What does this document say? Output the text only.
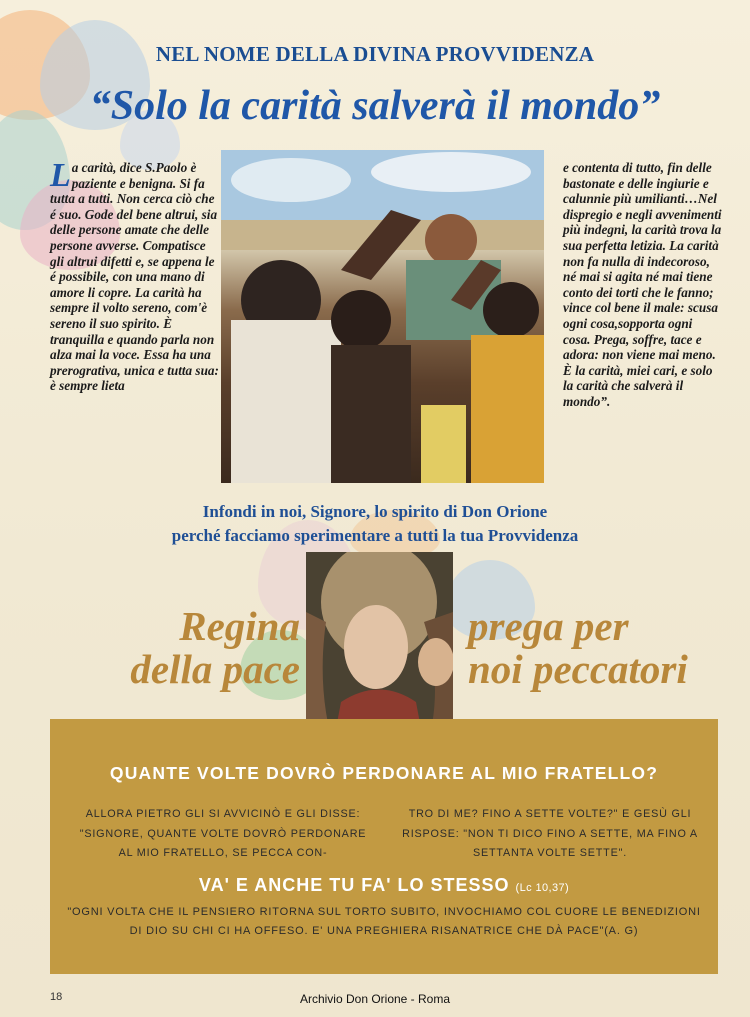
NEL NOME DELLA DIVINA PROVVIDENZA
“Solo la carità salverà il mondo”
La carità, dice S.Paolo è paziente e benigna. Si fa tutta a tutti. Non cerca ciò che é suo. Gode del bene altrui, sia delle persone amate che delle persone avverse. Compatisce gli altrui difetti e, se appena le é possibile, con una mano di amore li copre. La carità ha sempre il volto sereno, com'è sereno il suo spirito. È tranquilla e quando parla non alza mai la voce. Essa ha una prerogrativa, unica e tutta sua: è sempre lieta
e contenta di tutto, fin delle bastonate e delle ingiurie e calunnie più umilianti…Nel dispregio e negli avvenimenti più indegni, la carità trova la sua perfetta letizia. La carità non fa nulla di indecoroso, né mai si agita né mai tiene conto dei torti che le fanno; vince col bene il male: scusa ogni cosa,sopporta ogni cosa. Prega, soffre, tace e adora: non viene mai meno. È la carità, miei cari, e solo la carità che salverà il mondo”.
Infondi in noi, Signore, lo spirito di Don Orione
perché facciamo sperimentare a tutti la tua Provvidenza
Regina
della pace
prega per
noi peccatori
QUANTE VOLTE DOVRÒ PERDONARE AL MIO FRATELLO?
ALLORA PIETRO GLI SI AVVICINÒ E GLI DISSE: "SIGNORE, QUANTE VOLTE DOVRÒ PERDONARE AL MIO FRATELLO, SE PECCA CON-
TRO DI ME? FINO A SETTE VOLTE?" E GESÙ GLI RISPOSE: "NON TI DICO FINO A SETTE, MA FINO A SETTANTA VOLTE SETTE".
VA' E ANCHE TU FA' LO STESSO (Lc 10,37)
"OGNI VOLTA CHE IL PENSIERO RITORNA SUL TORTO SUBITO, INVOCHIAMO COL CUORE LE BENEDIZIONI DI DIO SU CHI CI HA OFFESO. E' UNA PREGHIERA RISANATRICE CHE DÀ PACE"(A. G)
18	Archivio Don Orione - Roma
